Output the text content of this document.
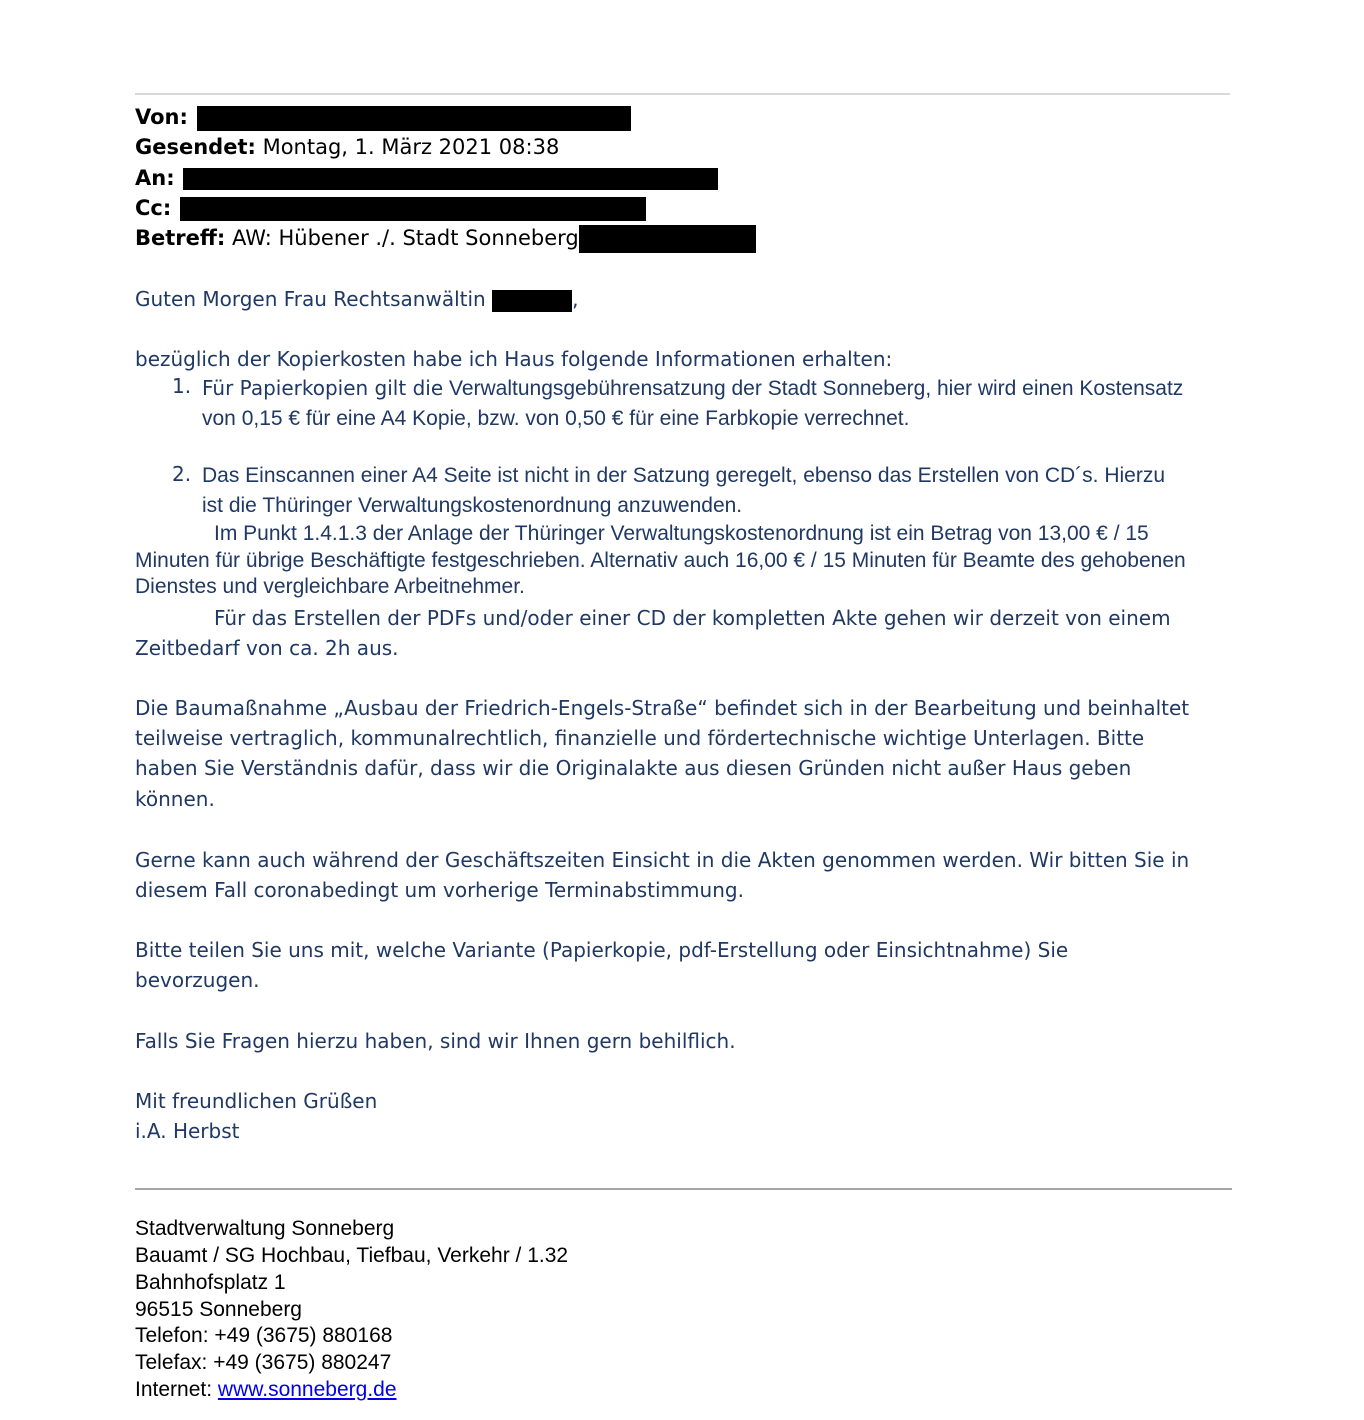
Von:
Gesendet: Montag, 1. März 2021 08:38
An:
Cc:
Betreff: AW: Hübener ./. Stadt Sonneberg
Guten Morgen Frau Rechtsanwältin	,
bezüglich der Kopierkosten habe ich Haus folgende Informationen erhalten:
1. Für Papierkopien gilt die Verwaltungsgebührensatzung der Stadt Sonneberg, hier wird einen Kostensatz
von 0,15 € für eine A4 Kopie, bzw. von 0,50 € für eine Farbkopie verrechnet.
2. Das Einscannen einer A4 Seite ist nicht in der Satzung geregelt, ebenso das Erstellen von CD´s. Hierzu
ist die Thüringer Verwaltungskostenordnung anzuwenden.
Im Punkt 1.4.1.3 der Anlage der Thüringer Verwaltungskostenordnung ist ein Betrag von 13,00 € / 15
Minuten für übrige Beschäftigte festgeschrieben. Alternativ auch 16,00 € / 15 Minuten für Beamte des gehobenen
Dienstes und vergleichbare Arbeitnehmer.
Für das Erstellen der PDFs und/oder einer CD der kompletten Akte gehen wir derzeit von einem
Zeitbedarf von ca. 2h aus.
Die Baumaßnahme „Ausbau der Friedrich-Engels-Straße“ befindet sich in der Bearbeitung und beinhaltet
teilweise vertraglich, kommunalrechtlich, finanzielle und fördertechnische wichtige Unterlagen. Bitte
haben Sie Verständnis dafür, dass wir die Originalakte aus diesen Gründen nicht außer Haus geben
können.
Gerne kann auch während der Geschäftszeiten Einsicht in die Akten genommen werden. Wir bitten Sie in
diesem Fall coronabedingt um vorherige Terminabstimmung.
Bitte teilen Sie uns mit, welche Variante (Papierkopie, pdf-Erstellung oder Einsichtnahme) Sie
bevorzugen.
Falls Sie Fragen hierzu haben, sind wir Ihnen gern behilflich.
Mit freundlichen Grüßen
i.A. Herbst
Stadtverwaltung Sonneberg
Bauamt / SG Hochbau, Tiefbau, Verkehr / 1.32
Bahnhofsplatz 1
96515 Sonneberg
Telefon: +49 (3675) 880168
Telefax: +49 (3675) 880247
Internet: www.sonneberg.de
